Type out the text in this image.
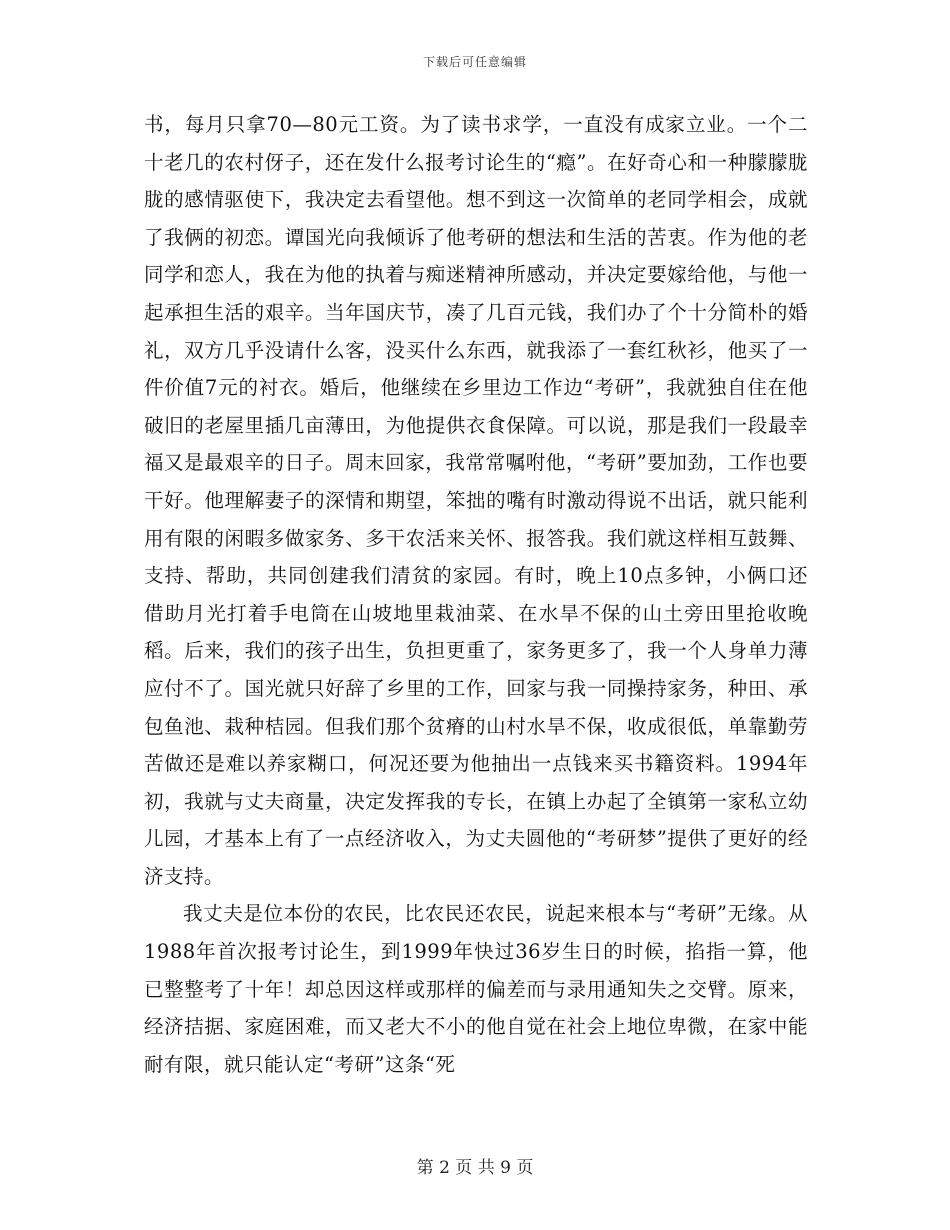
下载后可任意编辑

书，每月只拿70—80元工资。为了读书求学，一直没有成家立业。一个二十老几的农村伢子，还在发什么报考讨论生的“瘾”。在好奇心和一种朦朦胧胧的感情驱使下，我决定去看望他。想不到这一次简单的老同学相会，成就了我俩的初恋。谭国光向我倾诉了他考研的想法和生活的苦衷。作为他的老同学和恋人，我在为他的执着与痴迷精神所感动，并决定要嫁给他，与他一起承担生活的艰辛。当年国庆节，凑了几百元钱，我们办了个十分简朴的婚礼，双方几乎没请什么客，没买什么东西，就我添了一套红秋衫，他买了一件价值7元的衬衣。婚后，他继续在乡里边工作边“考研”，我就独自住在他破旧的老屋里插几亩薄田，为他提供衣食保障。可以说，那是我们一段最幸福又是最艰辛的日子。周末回家，我常常嘱咐他，“考研”要加劲，工作也要干好。他理解妻子的深情和期望，笨拙的嘴有时激动得说不出话，就只能利用有限的闲暇多做家务、多干农活来关怀、报答我。我们就这样相互鼓舞、支持、帮助，共同创建我们清贫的家园。有时，晚上10点多钟，小俩口还借助月光打着手电筒在山坡地里栽油菜、在水旱不保的山土旁田里抢收晚稻。后来，我们的孩子出生，负担更重了，家务更多了，我一个人身单力薄应付不了。国光就只好辞了乡里的工作，回家与我一同操持家务，种田、承包鱼池、栽种桔园。但我们那个贫瘠的山村水旱不保，收成很低，单靠勤劳苦做还是难以养家糊口，何况还要为他抽出一点钱来买书籍资料。1994年初，我就与丈夫商量，决定发挥我的专长，在镇上办起了全镇第一家私立幼儿园，才基本上有了一点经济收入，为丈夫圆他的“考研梦”提供了更好的经济支持。

我丈夫是位本份的农民，比农民还农民，说起来根本与“考研”无缘。从1988年首次报考讨论生，到1999年快过36岁生日的时候，掐指一算，他已整整考了十年！却总因这样或那样的偏差而与录用通知失之交臂。原来，经济拮据、家庭困难，而又老大不小的他自觉在社会上地位卑微，在家中能耐有限，就只能认定“考研”这条“死

第 2 页 共 9 页
